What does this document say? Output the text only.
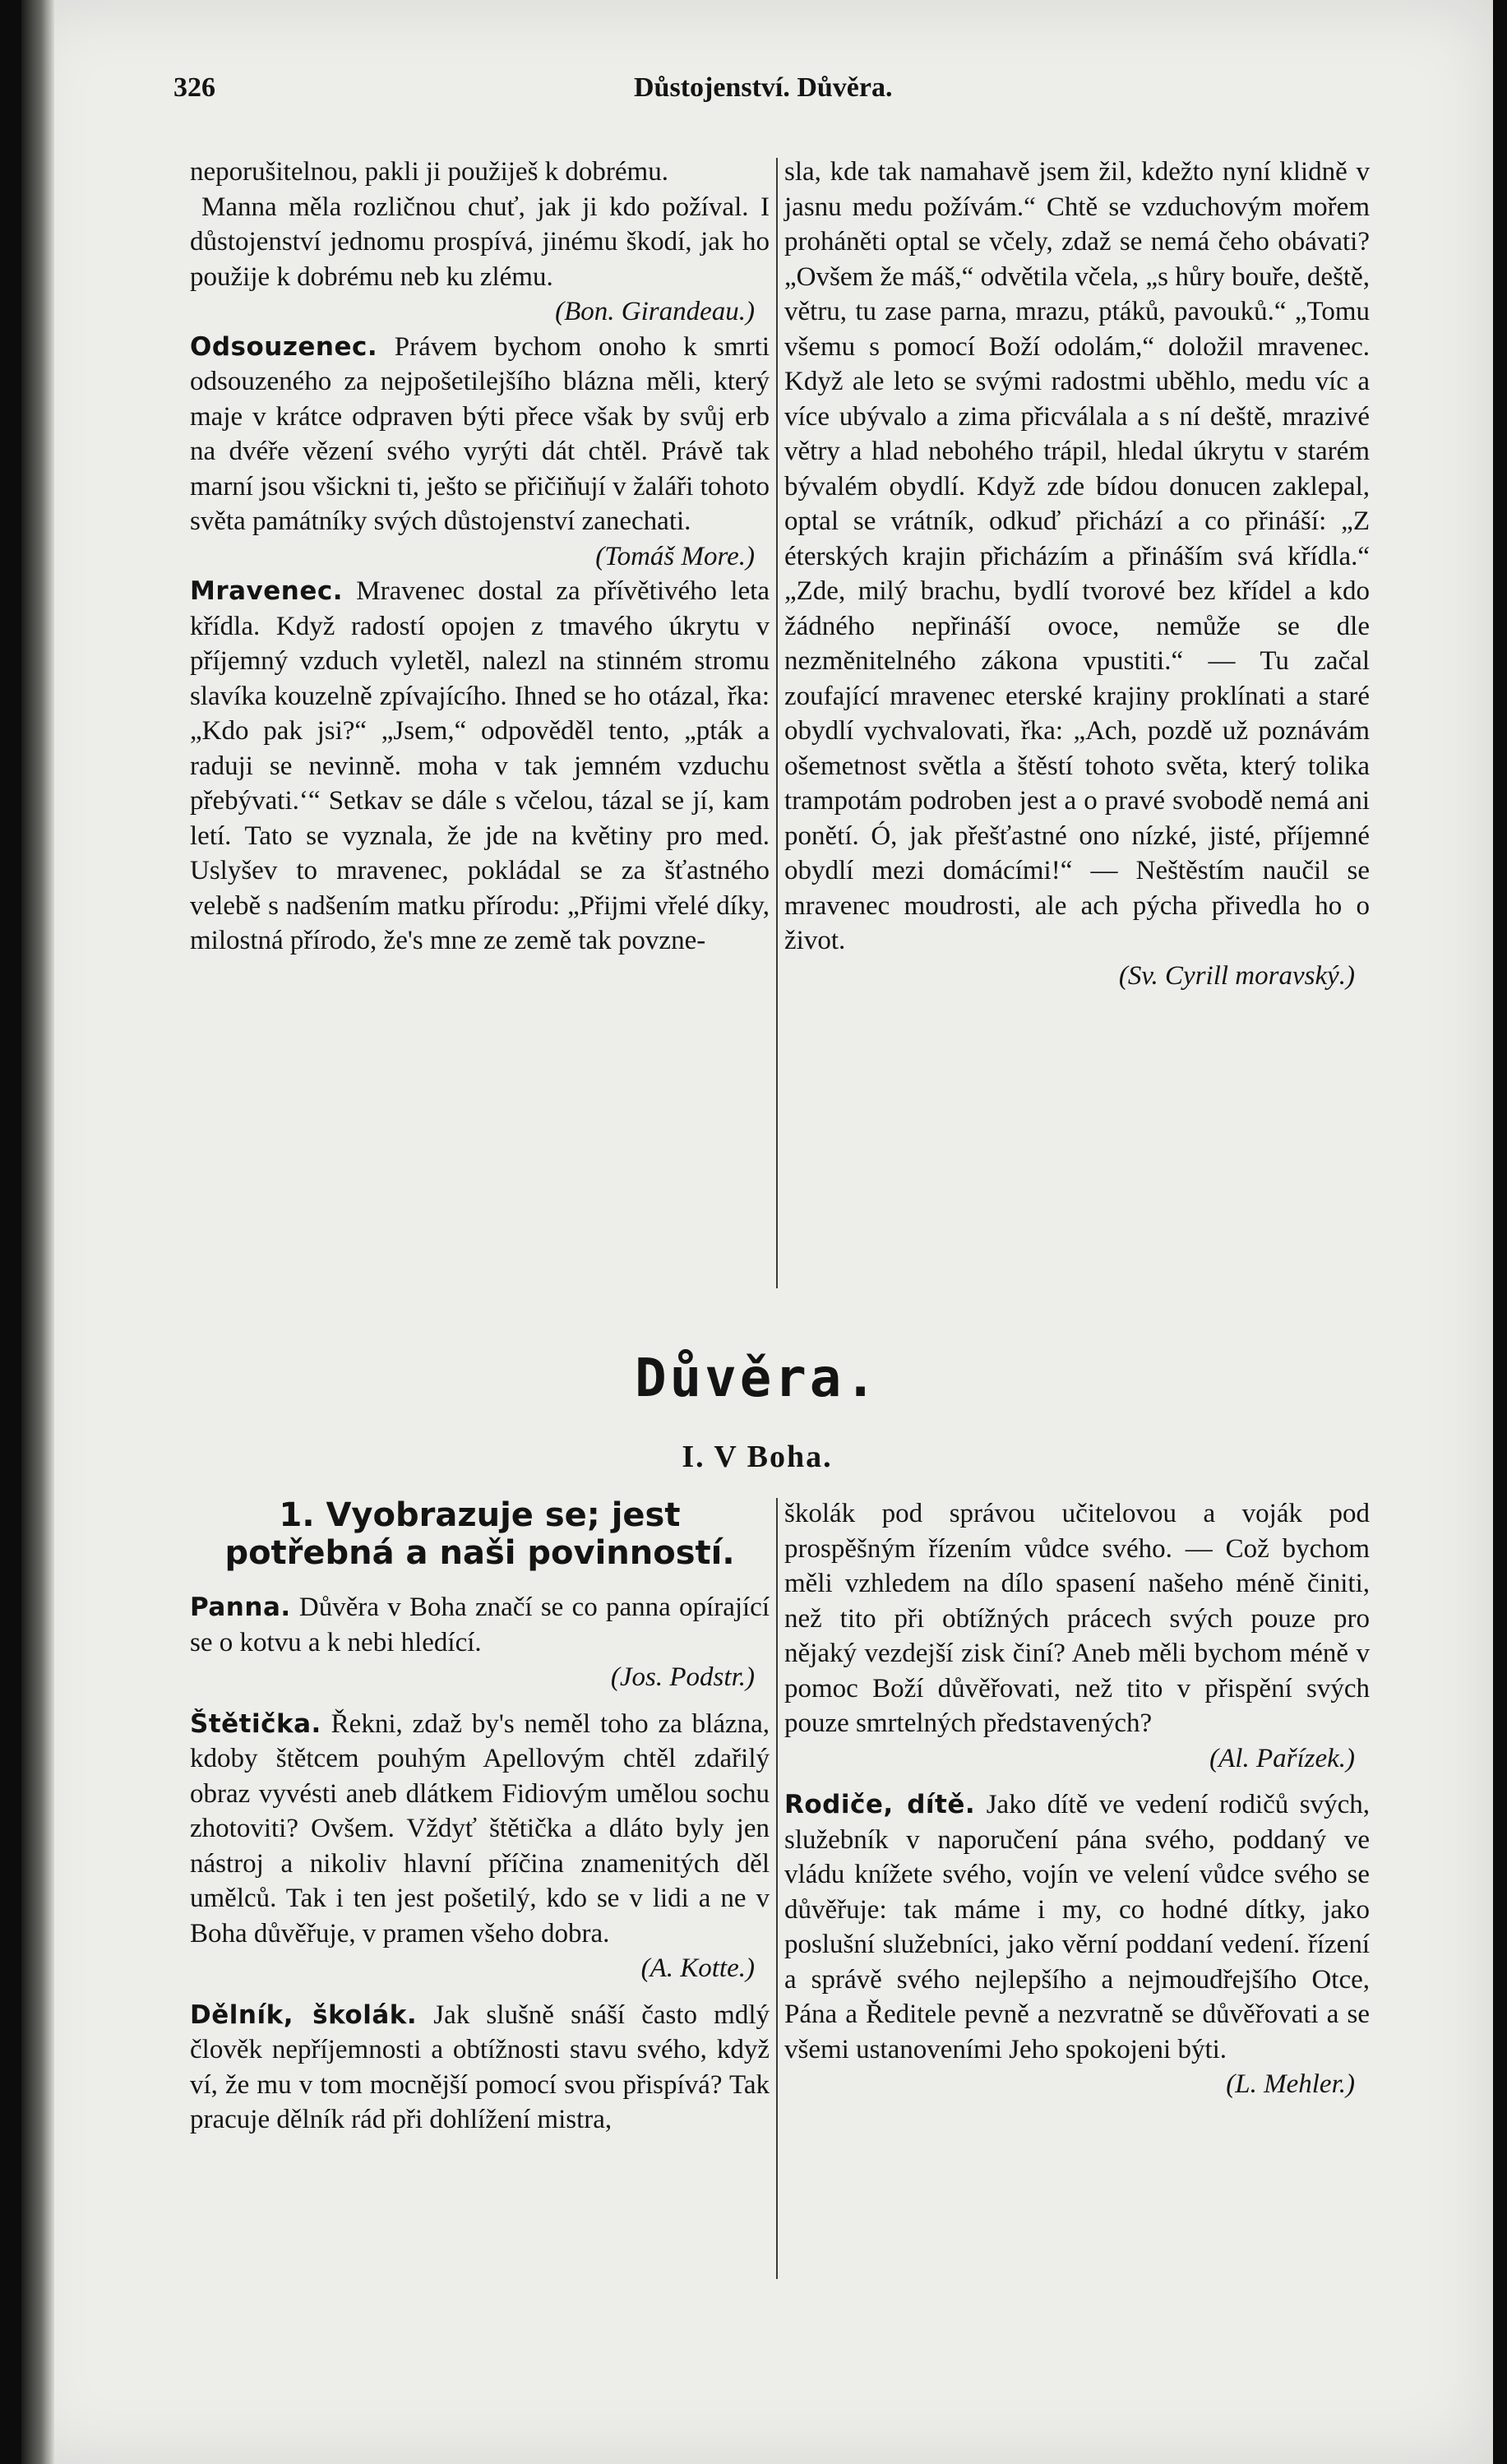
326	Důstojenství. Důvěra.

neporušitelnou, pakli ji použiješ k dobrému.

Manna měla rozličnou chuť, jak ji kdo požíval. I důstojenství jednomu prospívá, jinému škodí, jak ho použije k dobrému neb ku zlému.

(Bon. Girandeau.)

Odsouzenec. Právem bychom onoho k smrti odsouzeného za nejpošetilejšího blázna měli, který maje v krátce odpraven býti přece však by svůj erb na dvéře vězení svého vyrýti dát chtěl. Právě tak marní jsou všickni ti, ješto se přičiňují v žaláři tohoto světa památníky svých důstojenství zanechati.

(Tomáš More.)

Mravenec. Mravenec dostal za přívětivého leta křídla. Když radostí opojen z tmavého úkrytu v příjemný vzduch vyletěl, nalezl na stinném stromu slavíka kouzelně zpívajícího. Ihned se ho otázal, řka: „Kdo pak jsi?“ „Jsem,“ odpověděl tento, „pták a raduji se nevinně. moha v tak jemném vzduchu přebývati.‘“ Setkav se dále s včelou, tázal se jí, kam letí. Tato se vyznala, že jde na květiny pro med. Uslyšev to mravenec, pokládal se za šťastného velebě s nadšením matku přírodu: „Přijmi vřelé díky, milostná přírodo, že's mne ze země tak povzne-

sla, kde tak namahavě jsem žil, kdežto nyní klidně v jasnu medu požívám.“ Chtě se vzduchovým mořem proháněti optal se včely, zdaž se nemá čeho obávati? „Ovšem že máš,“ odvětila včela, „s hůry bouře, deště, větru, tu zase parna, mrazu, ptáků, pavouků.“ „Tomu všemu s pomocí Boží odolám,“ doložil mravenec. Když ale leto se svými radostmi uběhlo, medu víc a více ubývalo a zima přicválala a s ní deště, mrazivé větry a hlad nebohého trápil, hledal úkrytu v starém bývalém obydlí. Když zde bídou donucen zaklepal, optal se vrátník, odkuď přichází a co přináší: „Z éterských krajin přicházím a přináším svá křídla.“ „Zde, milý brachu, bydlí tvorové bez křídel a kdo žádného nepřináší ovoce, nemůže se dle nezměnitelného zákona vpustiti.“ — Tu začal zoufající mravenec eterské krajiny proklínati a staré obydlí vychvalovati, řka: „Ach, pozdě už poznávám ošemetnost světla a štěstí tohoto světa, který tolika trampotám podroben jest a o pravé svobodě nemá ani ponětí. Ó, jak přešťastné ono nízké, jisté, příjemné obydlí mezi domácími!“ — Neštěstím naučil se mravenec moudrosti, ale ach pýcha přivedla ho o život.

(Sv. Cyrill moravský.)

Důvěra.
I. V Boha.

1. Vyobrazuje se; jest potřebná a naši povinností.

Panna. Důvěra v Boha značí se co panna opírající se o kotvu a k nebi hledící.

(Jos. Podstr.)

Štětička. Řekni, zdaž by's neměl toho za blázna, kdoby štětcem pouhým Apellovým chtěl zdařilý obraz vyvésti aneb dlátkem Fidiovým umělou sochu zhotoviti? Ovšem. Vždyť štětička a dláto byly jen nástroj a nikoliv hlavní příčina znamenitých děl umělců. Tak i ten jest pošetilý, kdo se v lidi a ne v Boha důvěřuje, v pramen všeho dobra.

(A. Kotte.)

Dělník, školák. Jak slušně snáší často mdlý člověk nepříjemnosti a obtížnosti stavu svého, když ví, že mu v tom mocnější pomocí svou přispívá? Tak pracuje dělník rád při dohlížení mistra,

školák pod správou učitelovou a voják pod prospěšným řízením vůdce svého. — Což bychom měli vzhledem na dílo spasení našeho méně činiti, než tito při obtížných prácech svých pouze pro nějaký vezdejší zisk činí? Aneb měli bychom méně v pomoc Boží důvěřovati, než tito v přispění svých pouze smrtelných představených?

(Al. Pařízek.)

Rodiče, dítě. Jako dítě ve vedení rodičů svých, služebník v naporučení pána svého, poddaný ve vládu knížete svého, vojín ve velení vůdce svého se důvěřuje: tak máme i my, co hodné dítky, jako poslušní služebníci, jako věrní poddaní vedení. řízení a správě svého nejlepšího a nejmoudřejšího Otce, Pána a Ředitele pevně a nezvratně se důvěřovati a se všemi ustanoveními Jeho spokojeni býti.

(L. Mehler.)
